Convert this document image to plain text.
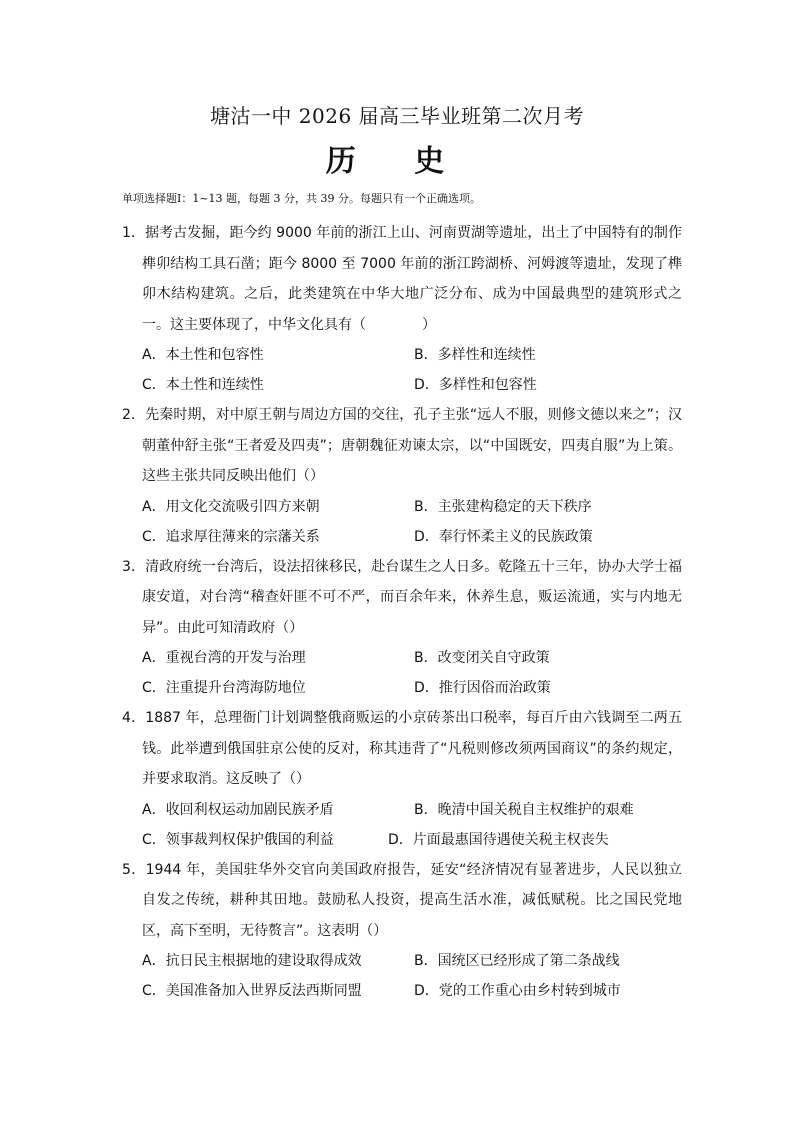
塘沽一中 2026 届高三毕业班第二次月考
历 史
单项选择题Ⅰ：1~13 题，每题 3 分，共 39 分。每题只有一个正确选项。

1．据考古发掘，距今约 9000 年前的浙江上山、河南贾湖等遗址，出土了中国特有的制作榫卯结构工具石凿；距今 8000 至 7000 年前的浙江跨湖桥、河姆渡等遗址，发现了榫卯木结构建筑。之后，此类建筑在中华大地广泛分布、成为中国最典型的建筑形式之一。这主要体现了，中华文化具有（　　　　）

A．本土性和包容性	B．多样性和连续性
C．本土性和连续性	D．多样性和包容性

2．先秦时期，对中原王朝与周边方国的交往，孔子主张“远人不服，则修文德以来之”；汉朝董仲舒主张“王者爱及四夷”；唐朝魏征劝谏太宗，以“中国既安，四夷自服”为上策。这些主张共同反映出他们（）

A．用文化交流吸引四方来朝	B．主张建构稳定的天下秩序
C．追求厚往薄来的宗藩关系	D．奉行怀柔主义的民族政策

3．清政府统一台湾后，设法招徕移民，赴台谋生之人日多。乾隆五十三年，协办大学士福康安道，对台湾“稽查奸匪不可不严，而百余年来，休养生息，贩运流通，实与内地无异”。由此可知清政府（）

A．重视台湾的开发与治理	B．改变闭关自守政策
C．注重提升台湾海防地位	D．推行因俗而治政策

4．1887 年，总理衙门计划调整俄商贩运的小京砖茶出口税率，每百斤由六钱调至二两五钱。此举遭到俄国驻京公使的反对，称其违背了“凡税则修改须两国商议”的条约规定，并要求取消。这反映了（）

A．收回利权运动加剧民族矛盾	B．晚清中国关税自主权维护的艰难
C．领事裁判权保护俄国的利益	D．片面最惠国待遇使关税主权丧失

5．1944 年，美国驻华外交官向美国政府报告，延安“经济情况有显著进步，人民以独立自发之传统，耕种其田地。鼓励私人投资，提高生活水准，减低赋税。比之国民党地区，高下至明，无待赘言”。这表明（）

A．抗日民主根据地的建设取得成效	B．国统区已经形成了第二条战线
C．美国准备加入世界反法西斯同盟	D．党的工作重心由乡村转到城市
